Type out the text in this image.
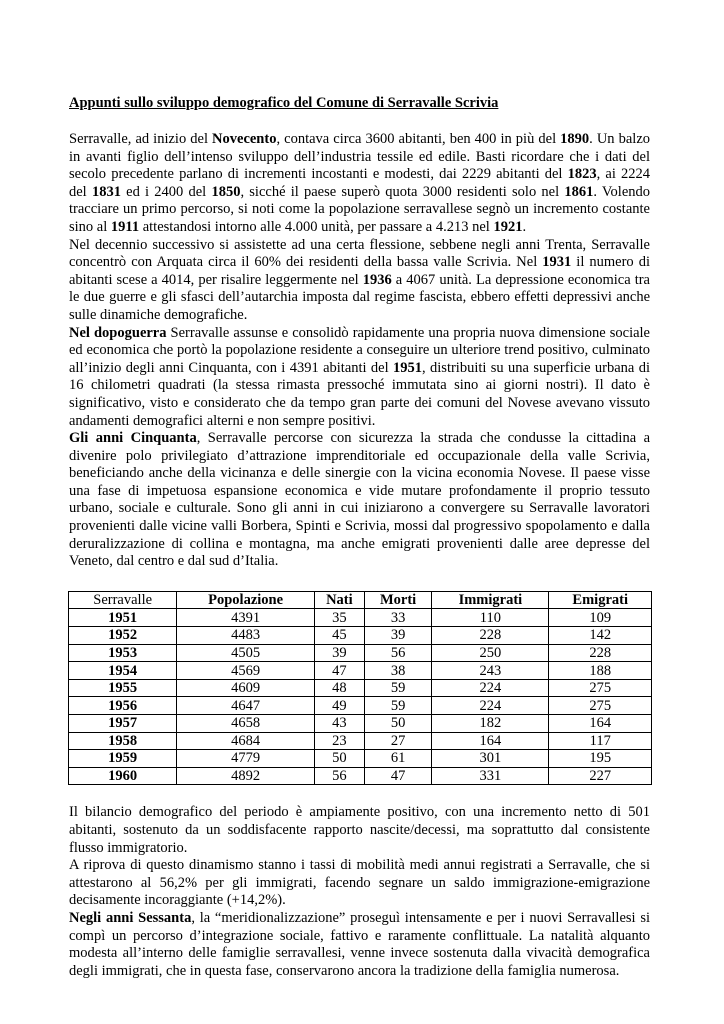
Appunti sullo sviluppo demografico del Comune di Serravalle Scrivia

Serravalle, ad inizio del Novecento, contava circa 3600 abitanti, ben 400 in più del 1890. Un balzo in avanti figlio dell’intenso sviluppo dell’industria tessile ed edile. Basti ricordare che i dati del secolo precedente parlano di incrementi incostanti e modesti, dai 2229 abitanti del 1823, ai 2224 del 1831 ed i 2400 del 1850, sicché il paese superò quota 3000 residenti solo nel 1861. Volendo tracciare un primo percorso, si noti come la popolazione serravallese segnò un incremento costante sino al 1911 attestandosi intorno alle 4.000 unità, per passare a 4.213 nel 1921.

Nel decennio successivo si assistette ad una certa flessione, sebbene negli anni Trenta, Serravalle concentrò con Arquata circa il 60% dei residenti della bassa valle Scrivia. Nel 1931 il numero di abitanti scese a 4014, per risalire leggermente nel 1936 a 4067 unità. La depressione economica tra le due guerre e gli sfasci dell’autarchia imposta dal regime fascista, ebbero effetti depressivi anche sulle dinamiche demografiche.

Nel dopoguerra Serravalle assunse e consolidò rapidamente una propria nuova dimensione sociale ed economica che portò la popolazione residente a conseguire un ulteriore trend positivo, culminato all’inizio degli anni Cinquanta, con i 4391 abitanti del 1951, distribuiti su una superficie urbana di 16 chilometri quadrati (la stessa rimasta pressoché immutata sino ai giorni nostri). Il dato è significativo, visto e considerato che da tempo gran parte dei comuni del Novese avevano vissuto andamenti demografici alterni e non sempre positivi.

Gli anni Cinquanta, Serravalle percorse con sicurezza la strada che condusse la cittadina a divenire polo privilegiato d’attrazione imprenditoriale ed occupazionale della valle Scrivia, beneficiando anche della vicinanza e delle sinergie con la vicina economia Novese. Il paese visse una fase di impetuosa espansione economica e vide mutare profondamente il proprio tessuto urbano, sociale e culturale. Sono gli anni in cui iniziarono a convergere su Serravalle lavoratori provenienti dalle vicine valli Borbera, Spinti e Scrivia, mossi dal progressivo spopolamento e dalla deruralizzazione di collina e montagna, ma anche emigrati provenienti dalle aree depresse del Veneto, dal centro e dal sud d’Italia.

Serravalle	Popolazione	Nati	Morti	Immigrati	Emigrati
1951	4391	35	33	110	109
1952	4483	45	39	228	142
1953	4505	39	56	250	228
1954	4569	47	38	243	188
1955	4609	48	59	224	275
1956	4647	49	59	224	275
1957	4658	43	50	182	164
1958	4684	23	27	164	117
1959	4779	50	61	301	195
1960	4892	56	47	331	227

Il bilancio demografico del periodo è ampiamente positivo, con una incremento netto di 501 abitanti, sostenuto da un soddisfacente rapporto nascite/decessi, ma soprattutto dal consistente flusso immigratorio.

A riprova di questo dinamismo stanno i tassi di mobilità medi annui registrati a Serravalle, che si attestarono al 56,2% per gli immigrati, facendo segnare un saldo immigrazione-emigrazione decisamente incoraggiante (+14,2%).

Negli anni Sessanta, la “meridionalizzazione” proseguì intensamente e per i nuovi Serravallesi si compì un percorso d’integrazione sociale, fattivo e raramente conflittuale. La natalità alquanto modesta all’interno delle famiglie serravallesi, venne invece sostenuta dalla vivacità demografica degli immigrati, che in questa fase, conservarono ancora la tradizione della famiglia numerosa.
